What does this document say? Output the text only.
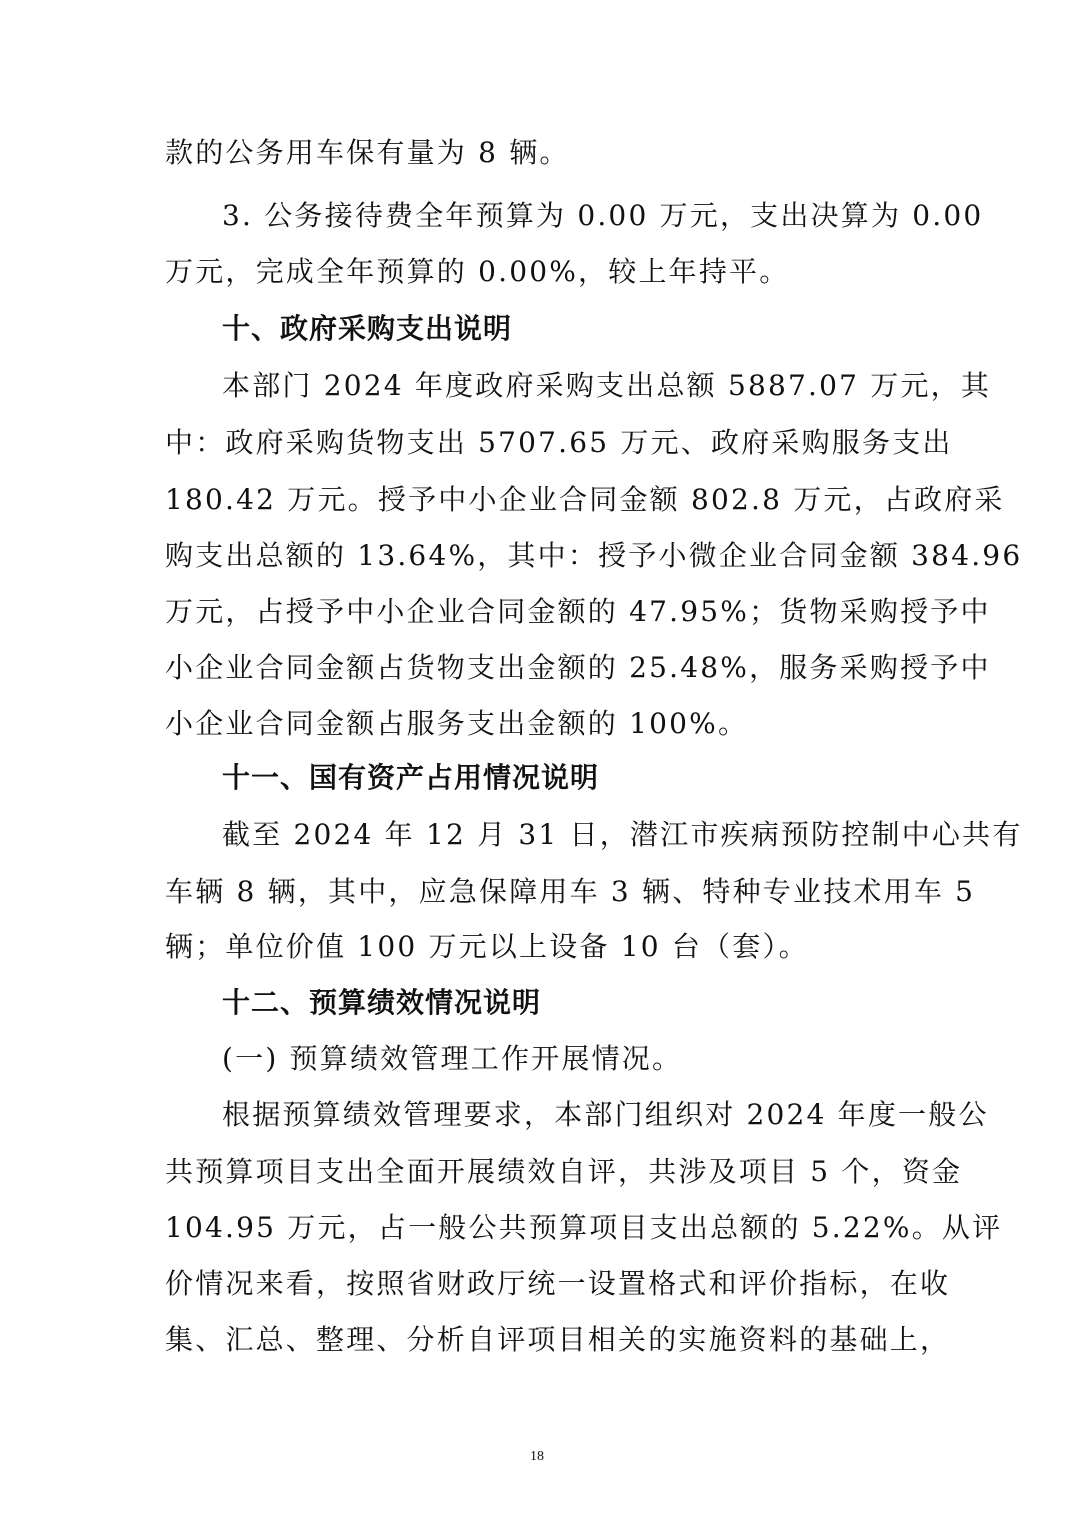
款的公务用车保有量为 8 辆。
3. 公务接待费全年预算为 0.00 万元，支出决算为 0.00
万元，完成全年预算的 0.00%，较上年持平。
十、政府采购支出说明
本部门 2024 年度政府采购支出总额 5887.07 万元，其
中：政府采购货物支出 5707.65 万元、政府采购服务支出
180.42 万元。授予中小企业合同金额 802.8 万元，占政府采
购支出总额的 13.64%，其中：授予小微企业合同金额 384.96
万元，占授予中小企业合同金额的 47.95%；货物采购授予中
小企业合同金额占货物支出金额的 25.48%，服务采购授予中
小企业合同金额占服务支出金额的 100%。
十一、国有资产占用情况说明
截至 2024 年 12 月 31 日，潜江市疾病预防控制中心共有
车辆 8 辆，其中，应急保障用车 3 辆、特种专业技术用车 5
辆；单位价值 100 万元以上设备 10 台（套）。
十二、预算绩效情况说明
(一) 预算绩效管理工作开展情况。
根据预算绩效管理要求，本部门组织对 2024 年度一般公
共预算项目支出全面开展绩效自评，共涉及项目 5 个，资金
104.95 万元，占一般公共预算项目支出总额的 5.22%。从评
价情况来看，按照省财政厅统一设置格式和评价指标，在收
集、汇总、整理、分析自评项目相关的实施资料的基础上，
18
